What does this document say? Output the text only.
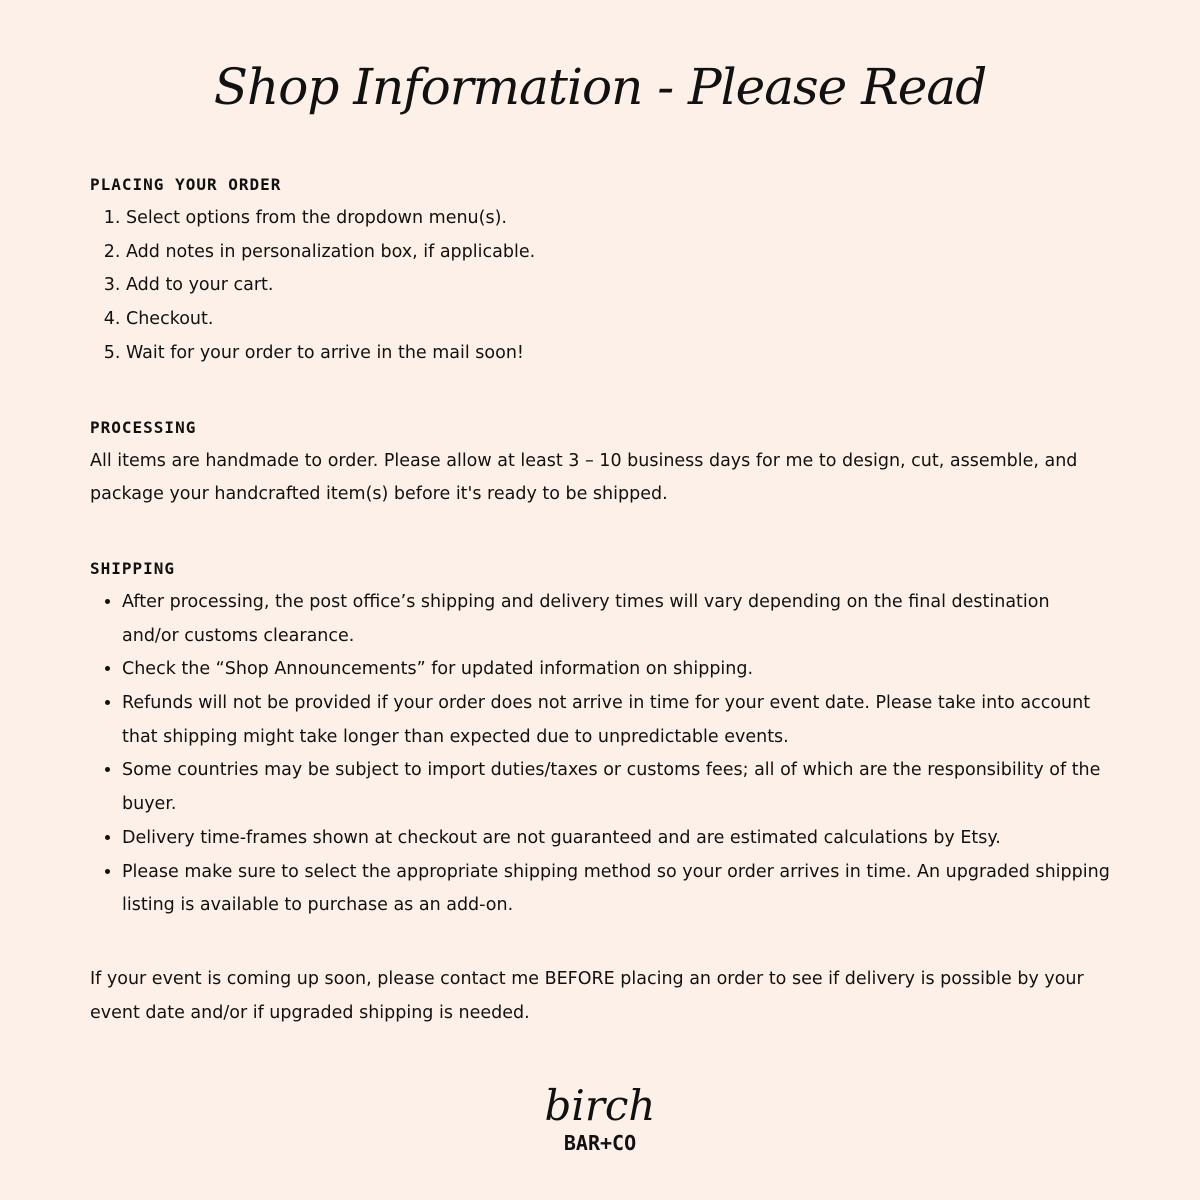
Shop Information - Please Read
PLACING YOUR ORDER
1. Select options from the dropdown menu(s).
2. Add notes in personalization box, if applicable.
3. Add to your cart.
4. Checkout.
5. Wait for your order to arrive in the mail soon!
PROCESSING

All items are handmade to order. Please allow at least 3 – 10 business days for me to design, cut, assemble, and package your handcrafted item(s) before it's ready to be shipped.

SHIPPING
• After processing, the post office’s shipping and delivery times will vary depending on the final destination and/or customs clearance.
• Check the “Shop Announcements” for updated information on shipping.
• Refunds will not be provided if your order does not arrive in time for your event date. Please take into account that shipping might take longer than expected due to unpredictable events.
• Some countries may be subject to import duties/taxes or customs fees; all of which are the responsibility of the buyer.
• Delivery time-frames shown at checkout are not guaranteed and are estimated calculations by Etsy.
• Please make sure to select the appropriate shipping method so your order arrives in time. An upgraded shipping listing is available to purchase as an add-on.

If your event is coming up soon, please contact me BEFORE placing an order to see if delivery is possible by your event date and/or if upgraded shipping is needed.

birch
BAR+CO
